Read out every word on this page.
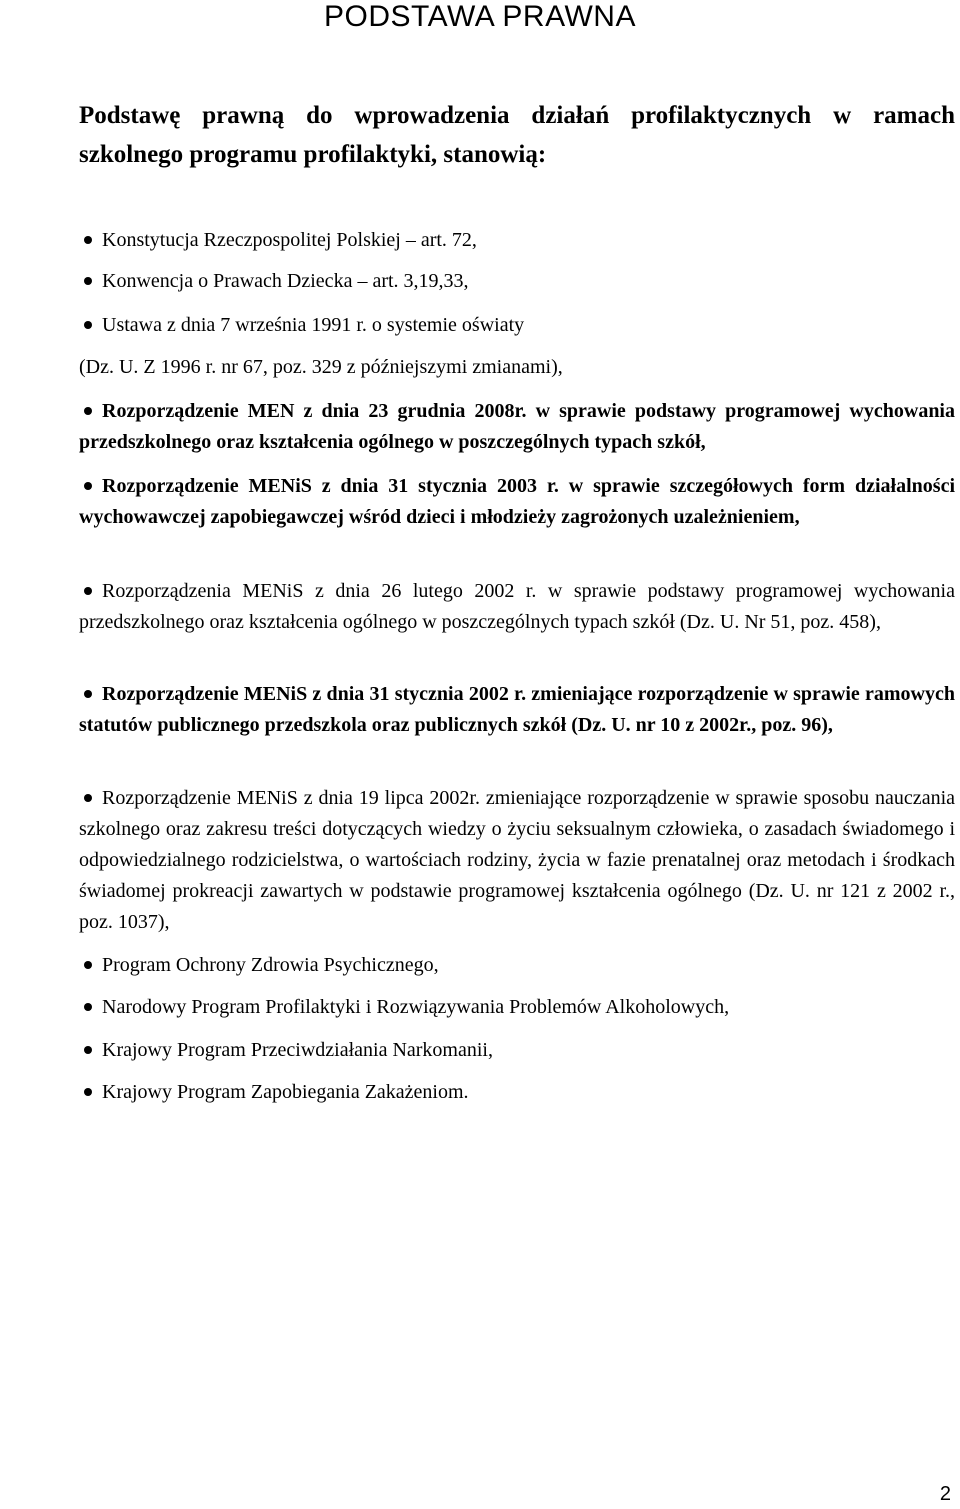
PODSTAWA PRAWNA
Podstawę prawną do wprowadzenia działań profilaktycznych w ramach szkolnego programu profilaktyki, stanowią:
Konstytucja Rzeczpospolitej Polskiej – art. 72,
Konwencja o Prawach Dziecka – art. 3,19,33,
Ustawa z dnia 7 września 1991 r. o systemie oświaty
(Dz. U. Z 1996 r. nr 67, poz. 329 z późniejszymi zmianami),
Rozporządzenie MEN z dnia 23 grudnia 2008r. w sprawie podstawy programowej wychowania przedszkolnego oraz kształcenia ogólnego w poszczególnych typach szkół,
Rozporządzenie MENiS z dnia 31 stycznia 2003 r. w sprawie szczegółowych form działalności wychowawczej zapobiegawczej wśród dzieci i młodzieży zagrożonych uzależnieniem,
Rozporządzenia MENiS z dnia 26 lutego 2002 r. w sprawie podstawy programowej wychowania przedszkolnego oraz kształcenia ogólnego w poszczególnych typach szkół (Dz. U. Nr 51, poz. 458),
Rozporządzenie MENiS z dnia 31 stycznia 2002 r. zmieniające rozporządzenie w sprawie ramowych statutów publicznego przedszkola oraz publicznych szkół (Dz. U. nr 10 z 2002r., poz. 96),
Rozporządzenie MENiS z dnia 19 lipca 2002r. zmieniające rozporządzenie w sprawie sposobu nauczania szkolnego oraz zakresu treści dotyczących wiedzy o życiu seksualnym człowieka, o zasadach świadomego i odpowiedzialnego rodzicielstwa, o wartościach rodziny, życia w fazie prenatalnej oraz metodach i środkach świadomej prokreacji zawartych w podstawie programowej kształcenia ogólnego (Dz. U. nr 121 z 2002 r., poz. 1037),
Program Ochrony Zdrowia Psychicznego,
Narodowy Program Profilaktyki i Rozwiązywania Problemów Alkoholowych,
Krajowy Program Przeciwdziałania Narkomanii,
Krajowy Program Zapobiegania Zakażeniom.
2
